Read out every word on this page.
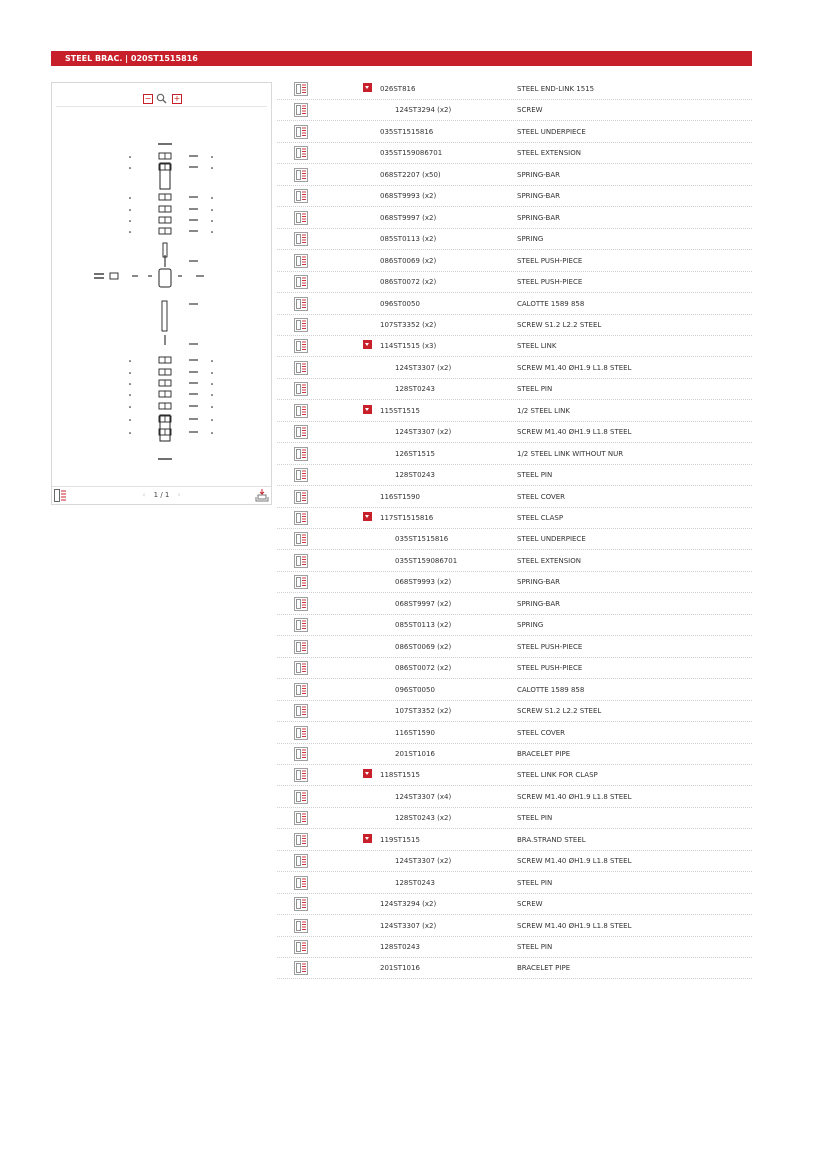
STEEL BRAC. | 020ST1515816
−	+
‹ 1 / 1 ›
026ST816	STEEL END-LINK 1515
124ST3294 (x2)	SCREW
035ST1515816	STEEL UNDERPIECE
035ST159086701	STEEL EXTENSION
068ST2207 (x50)	SPRING-BAR
068ST9993 (x2)	SPRING-BAR
068ST9997 (x2)	SPRING-BAR
085ST0113 (x2)	SPRING
086ST0069 (x2)	STEEL PUSH-PIECE
086ST0072 (x2)	STEEL PUSH-PIECE
096ST0050	CALOTTE 1589 858
107ST3352 (x2)	SCREW S1.2 L2.2 STEEL
114ST1515 (x3)	STEEL LINK
124ST3307 (x2)	SCREW M1.40 ØH1.9 L1.8 STEEL
128ST0243	STEEL PIN
115ST1515	1/2 STEEL LINK
124ST3307 (x2)	SCREW M1.40 ØH1.9 L1.8 STEEL
126ST1515	1/2 STEEL LINK WITHOUT NUR
128ST0243	STEEL PIN
116ST1590	STEEL COVER
117ST1515816	STEEL CLASP
035ST1515816	STEEL UNDERPIECE
035ST159086701	STEEL EXTENSION
068ST9993 (x2)	SPRING-BAR
068ST9997 (x2)	SPRING-BAR
085ST0113 (x2)	SPRING
086ST0069 (x2)	STEEL PUSH-PIECE
086ST0072 (x2)	STEEL PUSH-PIECE
096ST0050	CALOTTE 1589 858
107ST3352 (x2)	SCREW S1.2 L2.2 STEEL
116ST1590	STEEL COVER
201ST1016	BRACELET PIPE
118ST1515	STEEL LINK FOR CLASP
124ST3307 (x4)	SCREW M1.40 ØH1.9 L1.8 STEEL
128ST0243 (x2)	STEEL PIN
119ST1515	BRA.STRAND STEEL
124ST3307 (x2)	SCREW M1.40 ØH1.9 L1.8 STEEL
128ST0243	STEEL PIN
124ST3294 (x2)	SCREW
124ST3307 (x2)	SCREW M1.40 ØH1.9 L1.8 STEEL
128ST0243	STEEL PIN
201ST1016	BRACELET PIPE
